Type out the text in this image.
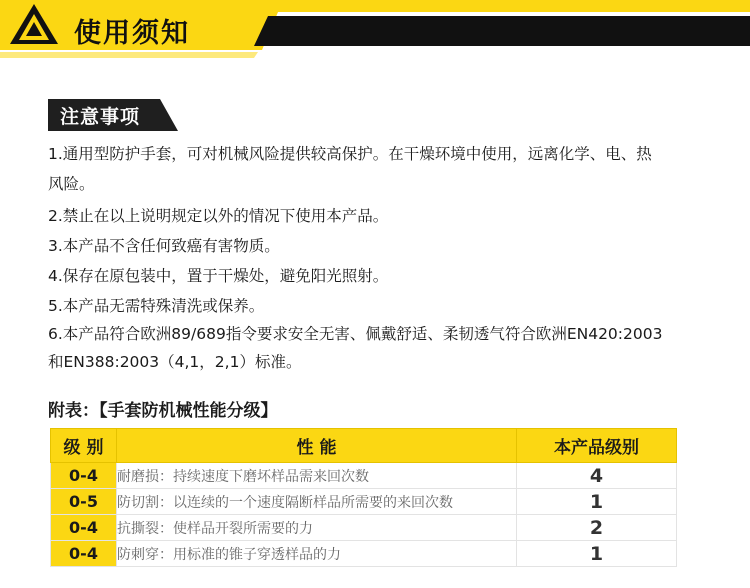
使用须知
注意事项
1.通用型防护手套，可对机械风险提供较高保护。在干燥环境中使用，远离化学、电、热
风险。
2.禁止在以上说明规定以外的情况下使用本产品。
3.本产品不含任何致癌有害物质。
4.保存在原包装中，置于干燥处，避免阳光照射。
5.本产品无需特殊清洗或保养。
6.本产品符合欧洲89/689指令要求安全无害、佩戴舒适、柔韧透气符合欧洲EN420:2003
和EN388:2003（4,1，2,1）标准。
附表：【手套防机械性能分级】
级 别	性 能	本产品级别
0-4	耐磨损：持续速度下磨坏样品需来回次数	4
0-5	防切割：以连续的一个速度隔断样品所需要的来回次数	1
0-4	抗撕裂：使样品开裂所需要的力	2
0-4	防刺穿：用标准的锥子穿透样品的力	1
